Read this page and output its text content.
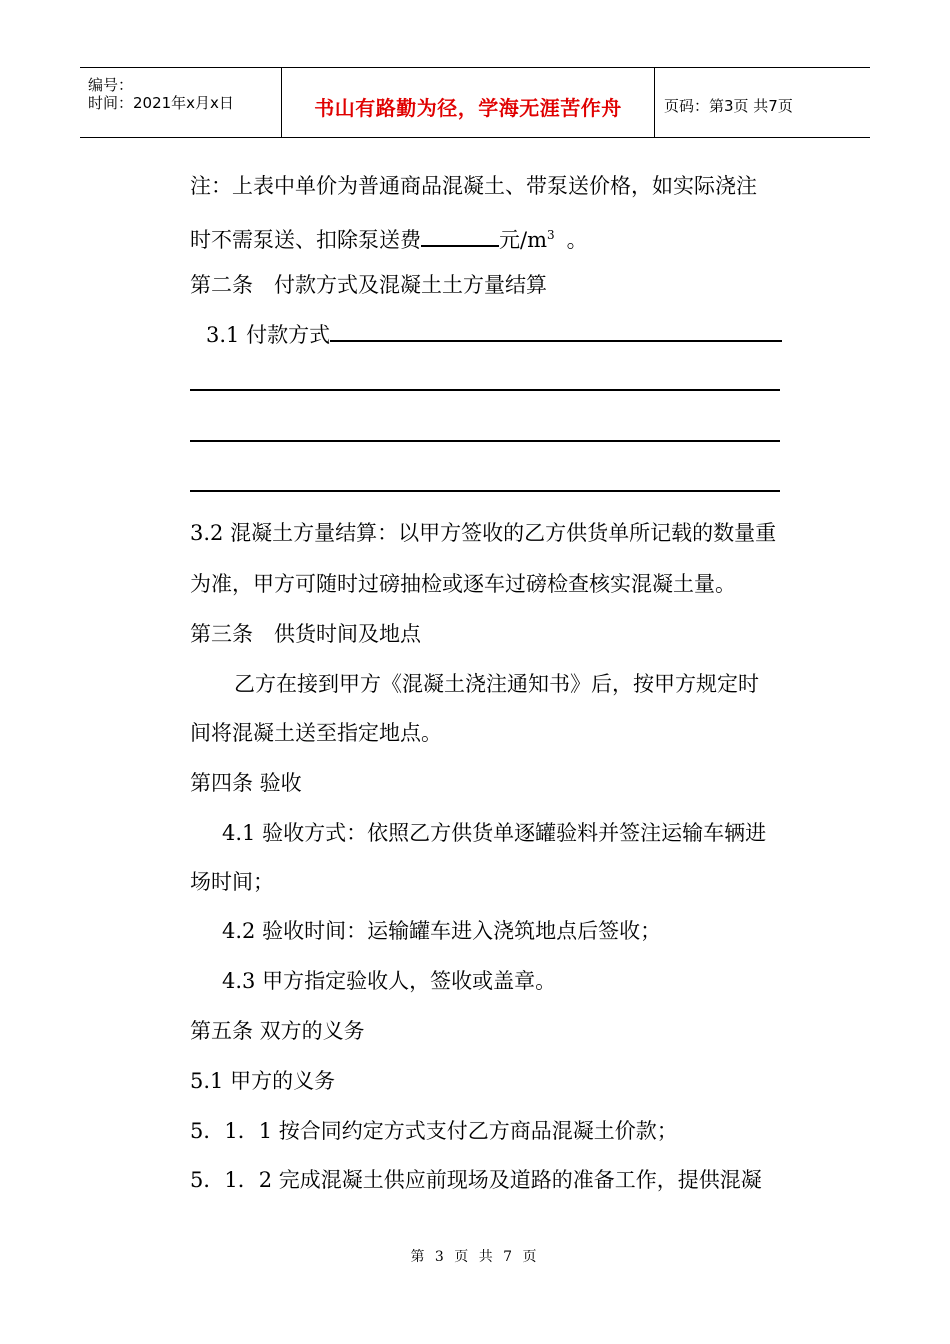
编号：
时间：2021年x月x日	书山有路勤为径，学海无涯苦作舟	页码：第3页 共7页
注：上表中单价为普通商品混凝土、带泵送价格，如实际浇注
时不需泵送、扣除泵送费	元$/m^3$ 。
第二条　付款方式及混凝土土方量结算
3.1 付款方式
3.2 混凝土方量结算：以甲方签收的乙方供货单所记载的数量重
为准，甲方可随时过磅抽检或逐车过磅检查核实混凝土量。
第三条　供货时间及地点
乙方在接到甲方《混凝土浇注通知书》后，按甲方规定时
间将混凝土送至指定地点。
第四条 验收
4.1 验收方式：依照乙方供货单逐罐验料并签注运输车辆进
场时间；
4.2 验收时间：运输罐车进入浇筑地点后签收；
4.3 甲方指定验收人，签收或盖章。
第五条 双方的义务
5.1 甲方的义务
5．1．1 按合同约定方式支付乙方商品混凝土价款；
5．1．2 完成混凝土供应前现场及道路的准备工作，提供混凝
第 3 页 共 7 页
